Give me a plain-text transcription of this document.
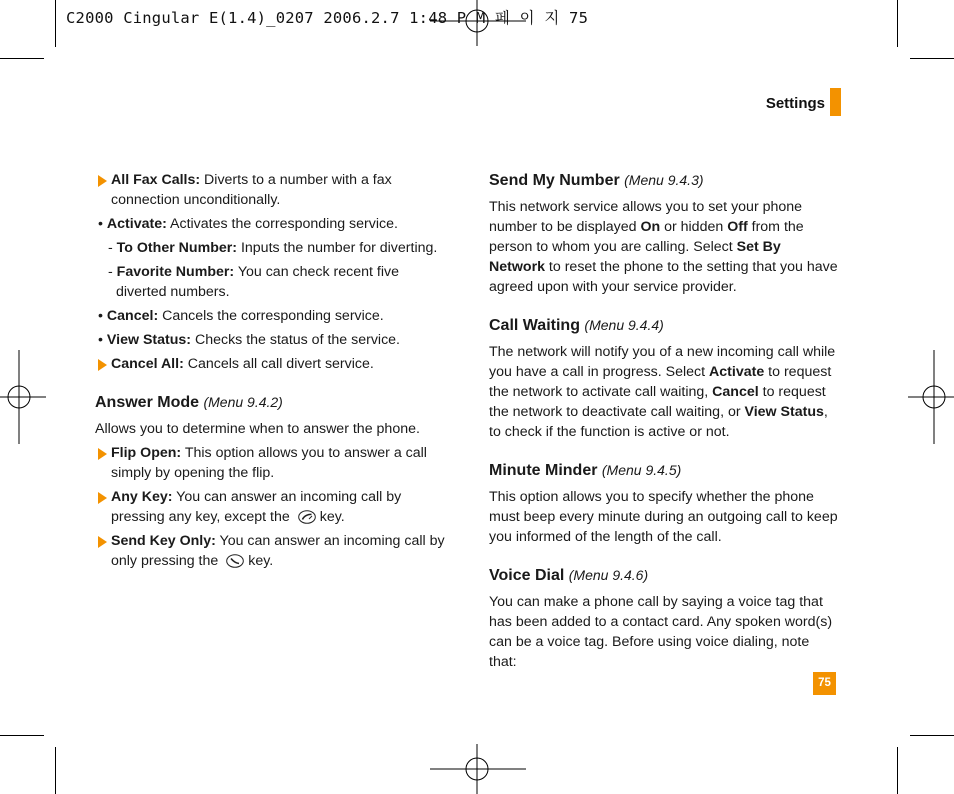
C2000 Cingular E(1.4)_0207 2006.2.7 1:48 P M 페 이 지 75
Settings
All Fax Calls: Diverts to a number with a fax connection unconditionally.
• Activate: Activates the corresponding service.
- To Other Number: Inputs the number for diverting.
- Favorite Number: You can check recent five diverted numbers.
• Cancel: Cancels the corresponding service.
• View Status: Checks the status of the service.
Cancel All: Cancels all call divert service.
Answer Mode (Menu 9.4.2)
Allows you to determine when to answer the phone.
Flip Open: This option allows you to answer a call simply by opening the flip.
Any Key: You can answer an incoming call by pressing any key, except the key.
Send Key Only: You can answer an incoming call by only pressing the key.
Send My Number (Menu 9.4.3)
This network service allows you to set your phone number to be displayed On or hidden Off from the person to whom you are calling. Select Set By Network to reset the phone to the setting that you have agreed upon with your service provider.
Call Waiting (Menu 9.4.4)
The network will notify you of a new incoming call while you have a call in progress. Select Activate to request the network to activate call waiting, Cancel to request the network to deactivate call waiting, or View Status, to check if the function is active or not.
Minute Minder (Menu 9.4.5)
This option allows you to specify whether the phone must beep every minute during an outgoing call to keep you informed of the length of the call.
Voice Dial (Menu 9.4.6)
You can make a phone call by saying a voice tag that has been added to a contact card. Any spoken word(s) can be a voice tag. Before using voice dialing, note that:
75
